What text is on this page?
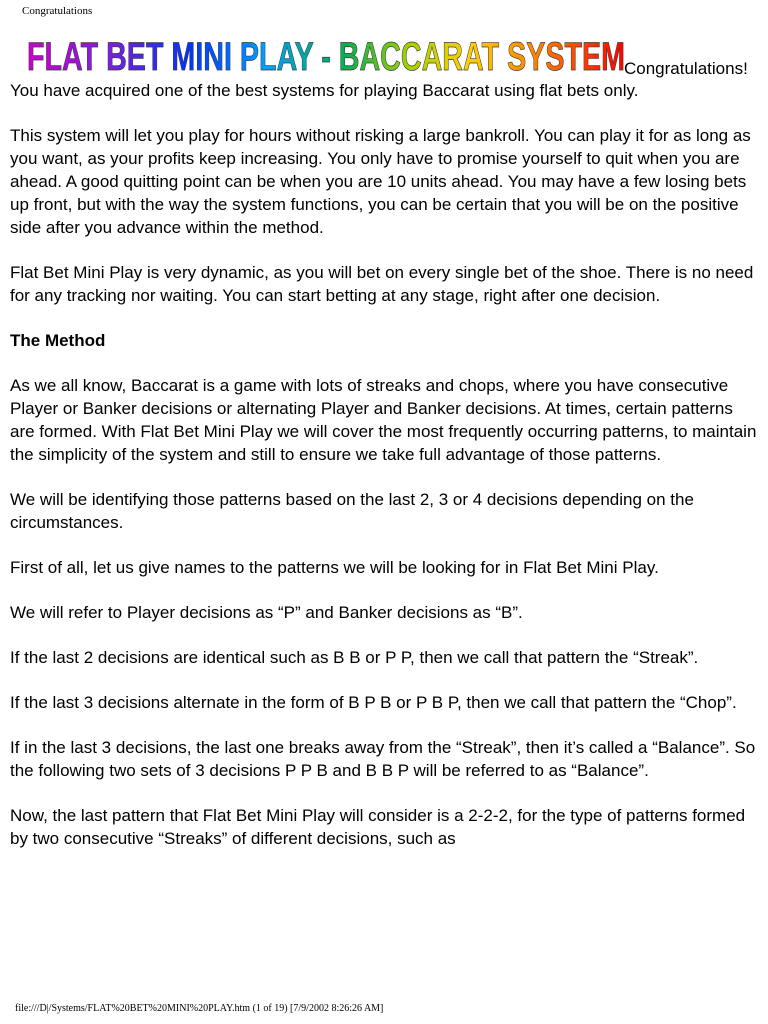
Congratulations
FLAT BET MINI PLAY - BACCARAT SYSTEM Congratulations!

You have acquired one of the best systems for playing Baccarat using flat bets only.

This system will let you play for hours without risking a large bankroll. You can play it for as long as you want, as your profits keep increasing. You only have to promise yourself to quit when you are ahead. A good quitting point can be when you are 10 units ahead. You may have a few losing bets up front, but with the way the system functions, you can be certain that you will be on the positive side after you advance within the method.

Flat Bet Mini Play is very dynamic, as you will bet on every single bet of the shoe. There is no need for any tracking nor waiting. You can start betting at any stage, right after one decision.

The Method

As we all know, Baccarat is a game with lots of streaks and chops, where you have consecutive Player or Banker decisions or alternating Player and Banker decisions. At times, certain patterns are formed. With Flat Bet Mini Play we will cover the most frequently occurring patterns, to maintain the simplicity of the system and still to ensure we take full advantage of those patterns.

We will be identifying those patterns based on the last 2, 3 or 4 decisions depending on the circumstances.

First of all, let us give names to the patterns we will be looking for in Flat Bet Mini Play.

We will refer to Player decisions as “P” and Banker decisions as “B”.

If the last 2 decisions are identical such as B B or P P, then we call that pattern the “Streak”.

If the last 3 decisions alternate in the form of B P B or P B P, then we call that pattern the “Chop”.

If in the last 3 decisions, the last one breaks away from the “Streak”, then it’s called a “Balance”. So the following two sets of 3 decisions P P B and B B P will be referred to as “Balance”.

Now, the last pattern that Flat Bet Mini Play will consider is a 2-2-2, for the type of patterns formed by two consecutive “Streaks” of different decisions, such as

file:///D|/Systems/FLAT%20BET%20MINI%20PLAY.htm (1 of 19) [7/9/2002 8:26:26 AM]
